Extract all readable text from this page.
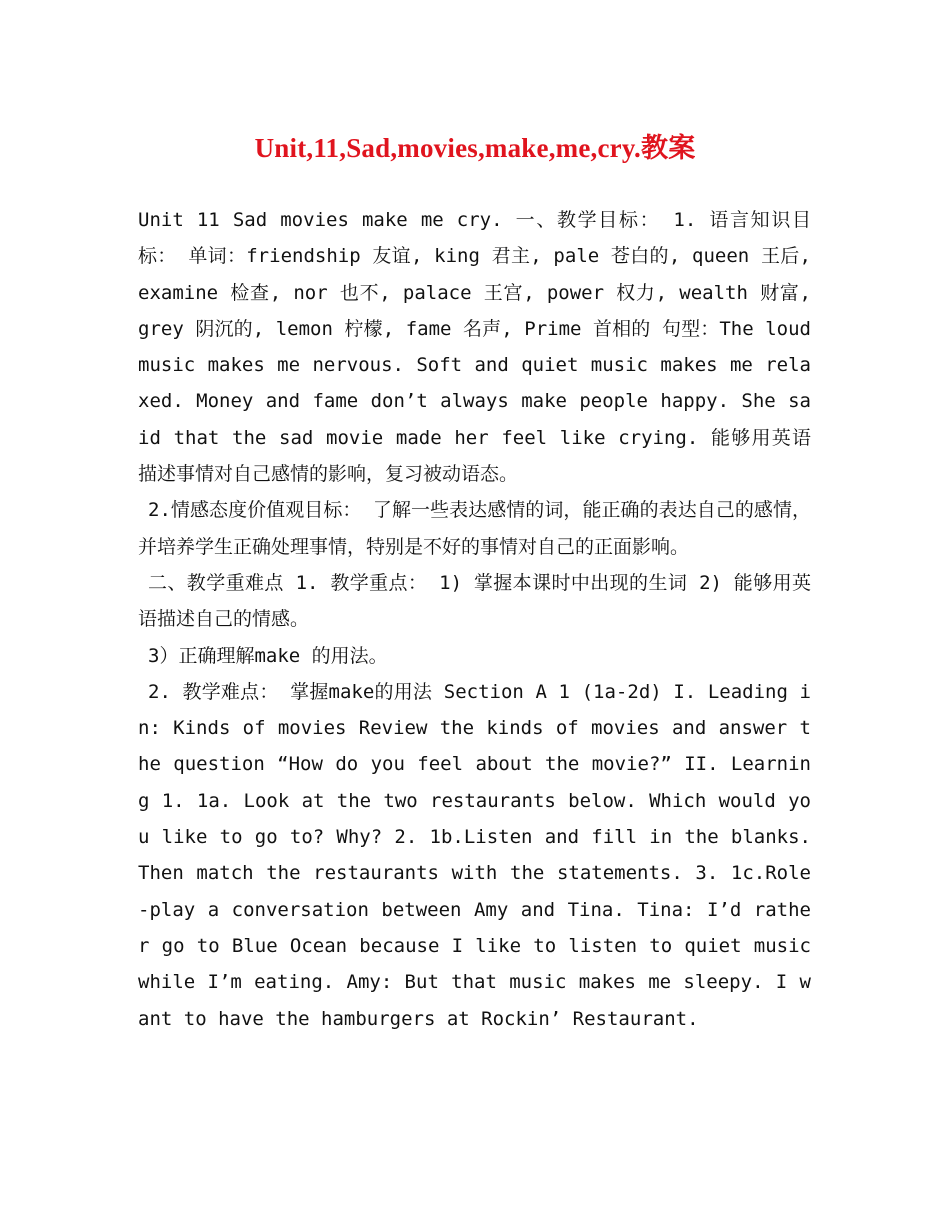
Unit,11,Sad,movies,make,me,cry.教案

Unit 11 Sad movies make me cry. 一、教学目标： 1. 语言知识目标： 单词：friendship 友谊, king 君主, pale 苍白的, queen 王后, examine 检查, nor 也不, palace 王宫, power 权力, wealth 财富, grey 阴沉的, lemon 柠檬, fame 名声, Prime 首相的 句型：The loud music makes me nervous. Soft and quiet music makes me relaxed. Money and fame don’t always make people happy. She said that the sad movie made her feel like crying. 能够用英语描述事情对自己感情的影响，复习被动语态。

2.情感态度价值观目标： 了解一些表达感情的词，能正确的表达自己的感情，并培养学生正确处理事情，特别是不好的事情对自己的正面影响。

二、教学重难点 1. 教学重点： 1) 掌握本课时中出现的生词 2) 能够用英语描述自己的情感。

3）正确理解make 的用法。

2. 教学难点： 掌握make的用法 Section A 1 (1a-2d) I. Leading in: Kinds of movies Review the kinds of movies and answer the question “How do you feel about the movie?” II. Learning 1. 1a. Look at the two restaurants below. Which would you like to go to? Why? 2. 1b.Listen and fill in the blanks. Then match the restaurants with the statements. 3. 1c.Role-play a conversation between Amy and Tina. Tina: I’d rather go to Blue Ocean because I like to listen to quiet music while I’m eating. Amy: But that music makes me sleepy. I want to have the hamburgers at Rockin’ Restaurant.
